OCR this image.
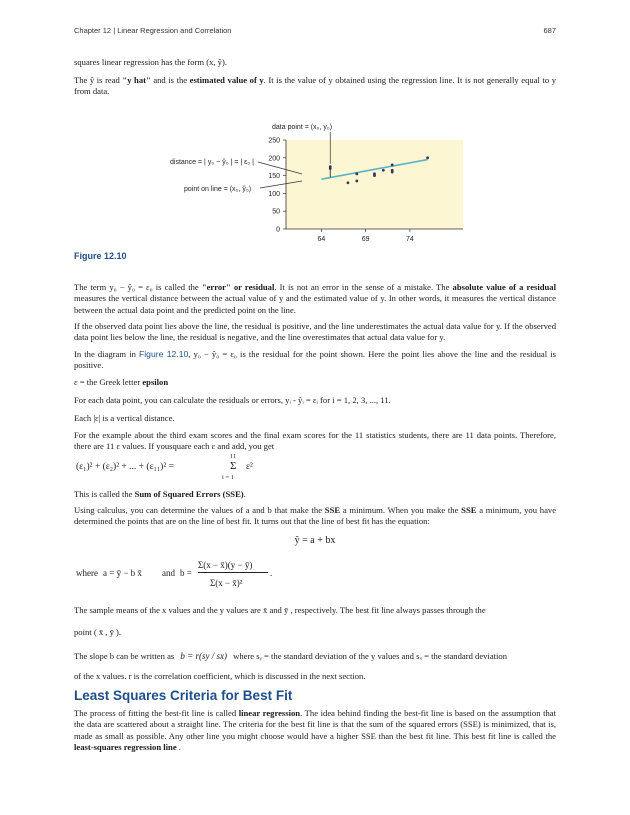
Chapter 12 | Linear Regression and Correlation	687
squares linear regression has the form (x, ŷ).
The ŷ is read "y hat" and is the estimated value of y. It is the value of y obtained using the regression line. It is not generally equal to y from data.
0
50
100
150
200
250
64	69	74
data point = (x₀, y₀)
distance = | y₀ − ŷ₀ | = | ε₀ |
point on line = (x₀, ŷ₀)
Figure 12.10
The term y₀ − ŷ₀ = ε₀ is called the "error" or residual. It is not an error in the sense of a mistake. The absolute value of a residual measures the vertical distance between the actual value of y and the estimated value of y. In other words, it measures the vertical distance between the actual data point and the predicted point on the line.
If the observed data point lies above the line, the residual is positive, and the line underestimates the actual data value for y. If the observed data point lies below the line, the residual is negative, and the line overestimates that actual data value for y.
In the diagram in Figure 12.10, y₀ − ŷ₀ = ε₀ is the residual for the point shown. Here the point lies above the line and the residual is positive.
ε = the Greek letter epsilon
For each data point, you can calculate the residuals or errors, yᵢ - ŷᵢ = εᵢ for i = 1, 2, 3, ..., 11.
Each |ε| is a vertical distance.
For the example about the third exam scores and the final exam scores for the 11 statistics students, there are 11 data points. Therefore, there are 11 ε values. If yousquare each ε and add, you get
(ε₁)² + (ε₂)² + ... + (ε₁₁)² =
11
Σ
i = 1
ε²
This is called the Sum of Squared Errors (SSE).
Using calculus, you can determine the values of a and b that make the SSE a minimum. When you make the SSE a minimum, you have determined the points that are on the line of best fit. It turns out that the line of best fit has the equation:
ŷ = a + bx
where a = ȳ − b x̄ and b =
Σ(x − x̄)(y − ȳ)
Σ(x − x̄)²
.
The sample means of the x values and the y values are x̄ and ȳ , respectively. The best fit line always passes through the
point ( x̄ , ȳ ).
The slope b can be written as b = r(sy / sx) where sᵧ = the standard deviation of the y values and sₓ = the standard deviation
of the x values. r is the correlation coefficient, which is discussed in the next section.
Least Squares Criteria for Best Fit
The process of fitting the best-fit line is called linear regression. The idea behind finding the best-fit line is based on the assumption that the data are scattered about a straight line. The criteria for the best fit line is that the sum of the squared errors (SSE) is minimized, that is, made as small as possible. Any other line you might choose would have a higher SSE than the best fit line. This best fit line is called the least-squares regression line .
